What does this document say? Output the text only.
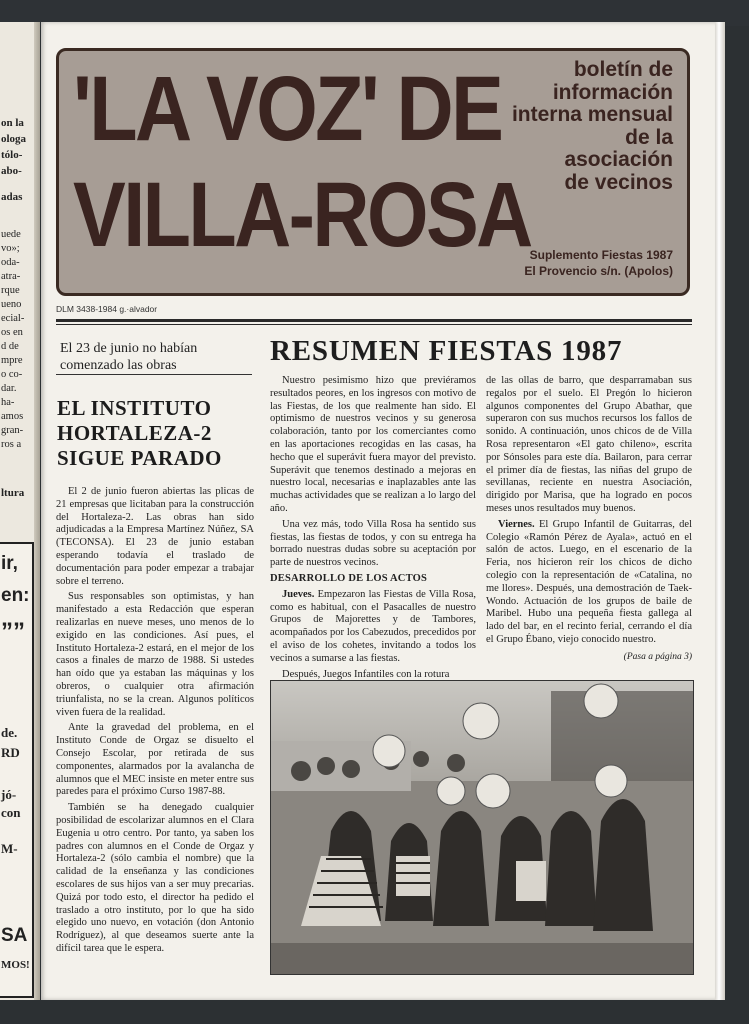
on la
ologa
tólo-
abo-
adas
uede
vo»;
oda-
atra-
rque
ueno
ecial-
os en
d de
mpre
o co-
dar.
ha-
amos
gran-
ros a
ltura
ir,
en:
””
de.
RD
jó-
con
M-
SA
MOS!
'LA VOZ' DE
VILLA-ROSA
boletín de
información
interna mensual
de la
asociación
de vecinos
Suplemento Fiestas 1987
El Provencio s/n. (Apolos)
DLM 3438-1984 g.·alvador
El 23 de junio no habían comenzado las obras
EL INSTITUTO HORTALEZA-2 SIGUE PARADO

El 2 de junio fueron abiertas las plicas de 21 empresas que licitaban para la construcción del Hortaleza-2. Las obras han sido adjudicadas a la Empresa Martínez Núñez, SA (TECONSA). El 23 de junio estaban esperando todavía el traslado de documentación para poder empezar a trabajar sobre el terreno.

Sus responsables son optimistas, y han manifestado a esta Redacción que esperan realizarlas en nueve meses, uno menos de lo exigido en las condiciones. Así pues, el Instituto Hortaleza-2 estará, en el mejor de los casos a finales de marzo de 1988. Si ustedes han oído que ya estaban las máquinas y los obreros, o cualquier otra afirmación triunfalista, no se la crean. Algunos políticos viven fuera de la realidad.

Ante la gravedad del problema, en el Instituto Conde de Orgaz se disuelto el Consejo Escolar, por retirada de sus componentes, alarmados por la avalancha de alumnos que el MEC insiste en meter entre sus paredes para el próximo Curso 1987-88.

También se ha denegado cualquier posibilidad de escolarizar alumnos en el Clara Eugenia u otro centro. Por tanto, ya saben los padres con alumnos en el Conde de Orgaz y Hortaleza-2 (sólo cambia el nombre) que la calidad de la enseñanza y las condiciones escolares de sus hijos van a ser muy precarias. Quizá por todo esto, el director ha pedido el traslado a otro instituto, por lo que ha sido elegido uno nuevo, en votación (don Antonio Rodríguez), al que deseamos suerte ante la difícil tarea que le espera.

RESUMEN FIESTAS 1987

Nuestro pesimismo hizo que previéramos resultados peores, en los ingresos con motivo de las Fiestas, de los que realmente han sido. El optimismo de nuestros vecinos y su generosa colaboración, tanto por los comerciantes como en las aportaciones recogidas en las casas, ha hecho que el superávit fuera mayor del previsto. Superávit que tenemos destinado a mejoras en nuestro local, necesarias e inaplazables ante las muchas actividades que se realizan a lo largo del año.

Una vez más, todo Villa Rosa ha sentido sus fiestas, las fiestas de todos, y con su entrega ha borrado nuestras dudas sobre su aceptación por parte de nuestros vecinos.

DESARROLLO DE LOS ACTOS

Jueves. Empezaron las Fiestas de Villa Rosa, como es habitual, con el Pasacalles de nuestro Grupos de Majorettes y de Tambores, acompañados por los Cabezudos, precedidos por el aviso de los cohetes, invitando a todos los vecinos a sumarse a las fiestas.

Después, Juegos Infantiles con la rotura

de las ollas de barro, que desparramaban sus regalos por el suelo. El Pregón lo hicieron algunos componentes del Grupo Abathar, que superaron con sus muchos recursos los fallos de sonido. A continuación, unos chicos de de Villa Rosa representaron «El gato chileno», escrita por Sónsoles para este día. Bailaron, para cerrar el primer día de fiestas, las niñas del grupo de sevillanas, reciente en nuestra Asociación, dirigido por Marisa, que ha logrado en pocos meses unos resultados muy buenos.

Viernes. El Grupo Infantil de Guitarras, del Colegio «Ramón Pérez de Ayala», actuó en el salón de actos. Luego, en el escenario de la Feria, nos hicieron reír los chicos de dicho colegio con la representación de «Catalina, no me llores». Después, una demostración de Taek-Wondo. Actuación de los grupos de baile de Maribel. Hubo una pequeña fiesta gallega al lado del bar, en el recinto ferial, cerrando el día el Grupo Ébano, viejo conocido nuestro.

(Pasa a página 3)
